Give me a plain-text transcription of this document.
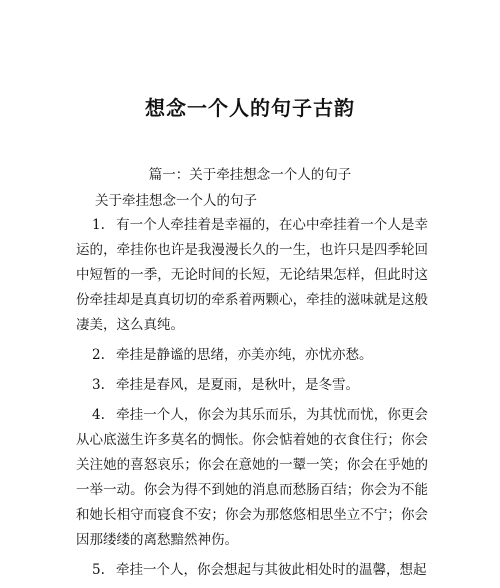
想念一个人的句子古韵
篇一：关于牵挂想念一个人的句子
关于牵挂想念一个人的句子

1. 有一个人牵挂着是幸福的，在心中牵挂着一个人是幸运的，牵挂你也许是我漫漫长久的一生，也许只是四季轮回中短暂的一季，无论时间的长短，无论结果怎样，但此时这份牵挂却是真真切切的牵系着两颗心，牵挂的滋味就是这般凄美，这么真纯。

2. 牵挂是静谧的思绪，亦美亦纯，亦忧亦愁。

3. 牵挂是春风，是夏雨，是秋叶，是冬雪。

4. 牵挂一个人，你会为其乐而乐，为其忧而忧，你更会从心底滋生许多莫名的惆怅。你会惦着她的衣食住行；你会关注她的喜怒哀乐；你会在意她的一颦一笑；你会在乎她的一举一动。你会为得不到她的消息而愁肠百结；你会为不能和她长相守而寝食不安；你会为那悠悠相思坐立不宁；你会因那缕缕的离愁黯然神伤。

5. 牵挂一个人，你会想起与其彼此相处时的温馨，想起
